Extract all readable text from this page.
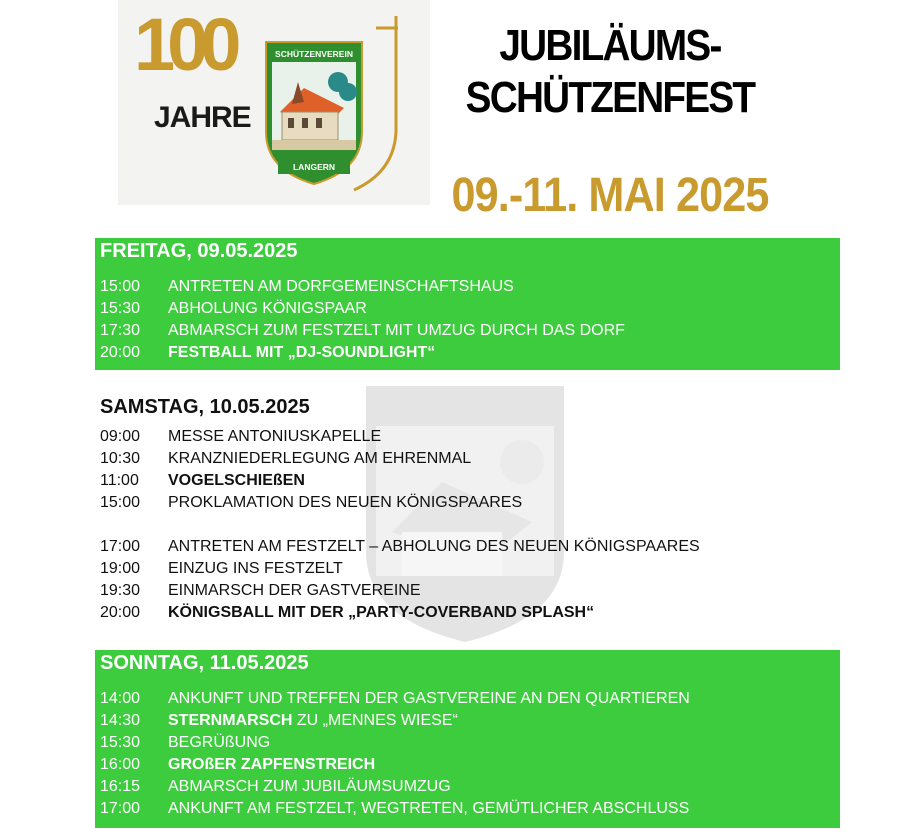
100
JAHRE
SCHÜTZENVEREIN
LANGERN
JUBILÄUMS-
SCHÜTZENFEST
09.-11. MAI 2025
FREITAG, 09.05.2025
15:00	ANTRETEN AM DORFGEMEINSCHAFTSHAUS
15:30	ABHOLUNG KÖNIGSPAAR
17:30	ABMARSCH ZUM FESTZELT MIT UMZUG DURCH DAS DORF
20:00	FESTBALL MIT „DJ-SOUNDLIGHT“
SAMSTAG, 10.05.2025
09:00	MESSE ANTONIUSKAPELLE
10:30	KRANZNIEDERLEGUNG AM EHRENMAL
11:00	VOGELSCHIEßEN
15:00	PROKLAMATION DES NEUEN KÖNIGSPAARES
17:00	ANTRETEN AM FESTZELT – ABHOLUNG DES NEUEN KÖNIGSPAARES
19:00	EINZUG INS FESTZELT
19:30	EINMARSCH DER GASTVEREINE
20:00	KÖNIGSBALL MIT DER „PARTY-COVERBAND SPLASH“
SONNTAG, 11.05.2025
14:00	ANKUNFT UND TREFFEN DER GASTVEREINE AN DEN QUARTIEREN
14:30	STERNMARSCH ZU „MENNES WIESE“
15:30	BEGRÜßUNG
16:00	GROßER ZAPFENSTREICH
16:15	ABMARSCH ZUM JUBILÄUMSUMZUG
17:00	ANKUNFT AM FESTZELT, WEGTRETEN, GEMÜTLICHER ABSCHLUSS
